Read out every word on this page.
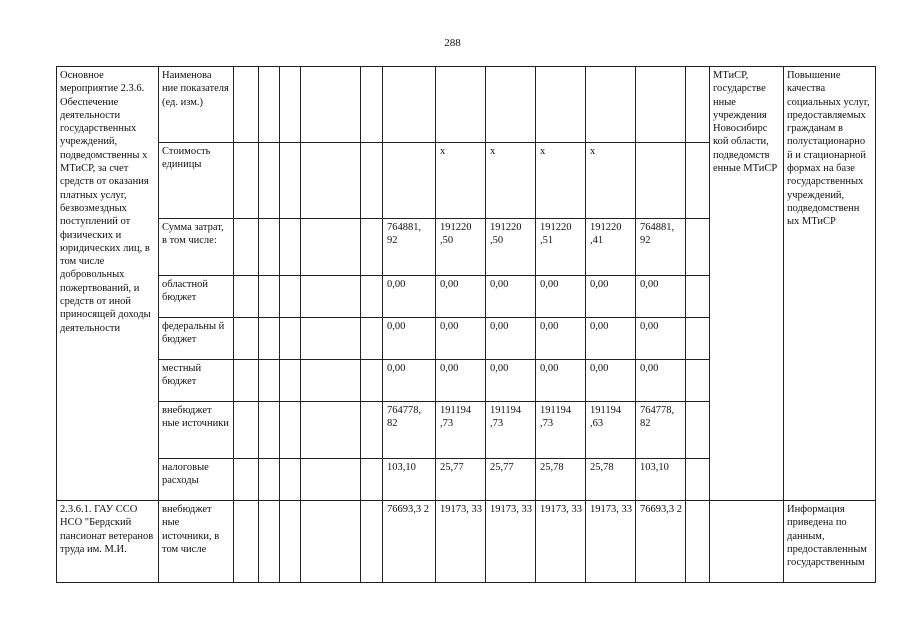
288
Основное мероприятие 2.3.6. Обеспечение деятельности государственных учреждений, подведомственны х МТиСР, за счет средств от оказания платных услуг, безвозмездных поступлений от физических и юридических лиц, в том числе добровольных пожертвований, и средств от иной приносящей доходы деятельности	Наименова ние показателя (ед. изм.)													МТиСР, государстве нные учреждения Новосибирс кой области, подведомств енные МТиСР	Повышение качества социальных услуг, предоставляемых гражданам в полустационарно й и стационарной формах на базе государственных учреждений, подведомственн ых МТиСР
	Стоимость единицы							x	x	x	x				
	Сумма затрат, в том числе:						764881, 92	191220 ,50	191220 ,50	191220 ,51	191220 ,41	764881, 92			
	областной бюджет						0,00	0,00	0,00	0,00	0,00	0,00			
	федеральны й бюджет						0,00	0,00	0,00	0,00	0,00	0,00			
	местный бюджет						0,00	0,00	0,00	0,00	0,00	0,00			
	внебюджет ные источники						764778, 82	191194 ,73	191194 ,73	191194 ,73	191194 ,63	764778, 82			
	налоговые расходы						103,10	25,77	25,77	25,78	25,78	103,10			
2.3.6.1. ГАУ ССО НСО "Бердский пансионат ветеранов труда им. М.И.	внебюджет ные источники, в том числе						76693,3 2	19173, 33	19173, 33	19173, 33	19173, 33	76693,3 2			Информация приведена по данным, предоставленным государственным
